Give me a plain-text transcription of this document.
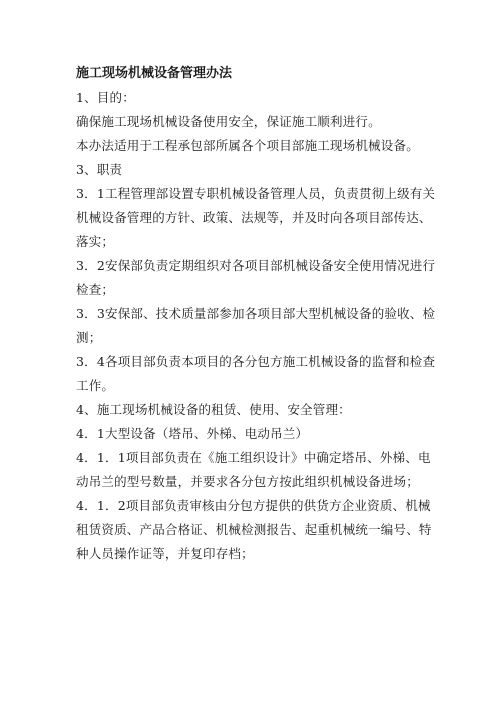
施工现场机械设备管理办法

1、目的：

确保施工现场机械设备使用安全，保证施工顺利进行。

本办法适用于工程承包部所属各个项目部施工现场机械设备。

3、职责

3．1工程管理部设置专职机械设备管理人员，负责贯彻上级有关机械设备管理的方针、政策、法规等，并及时向各项目部传达、落实；

3．2安保部负责定期组织对各项目部机械设备安全使用情况进行检查；

3．3安保部、技术质量部参加各项目部大型机械设备的验收、检测；

3．4各项目部负责本项目的各分包方施工机械设备的监督和检查工作。

4、施工现场机械设备的租赁、使用、安全管理：

4．1大型设备（塔吊、外梯、电动吊兰）

4．1．1项目部负责在《施工组织设计》中确定塔吊、外梯、电动吊兰的型号数量，并要求各分包方按此组织机械设备进场；

4．1．2项目部负责审核由分包方提供的供货方企业资质、机械租赁资质、产品合格证、机械检测报告、起重机械统一编号、特种人员操作证等，并复印存档；
